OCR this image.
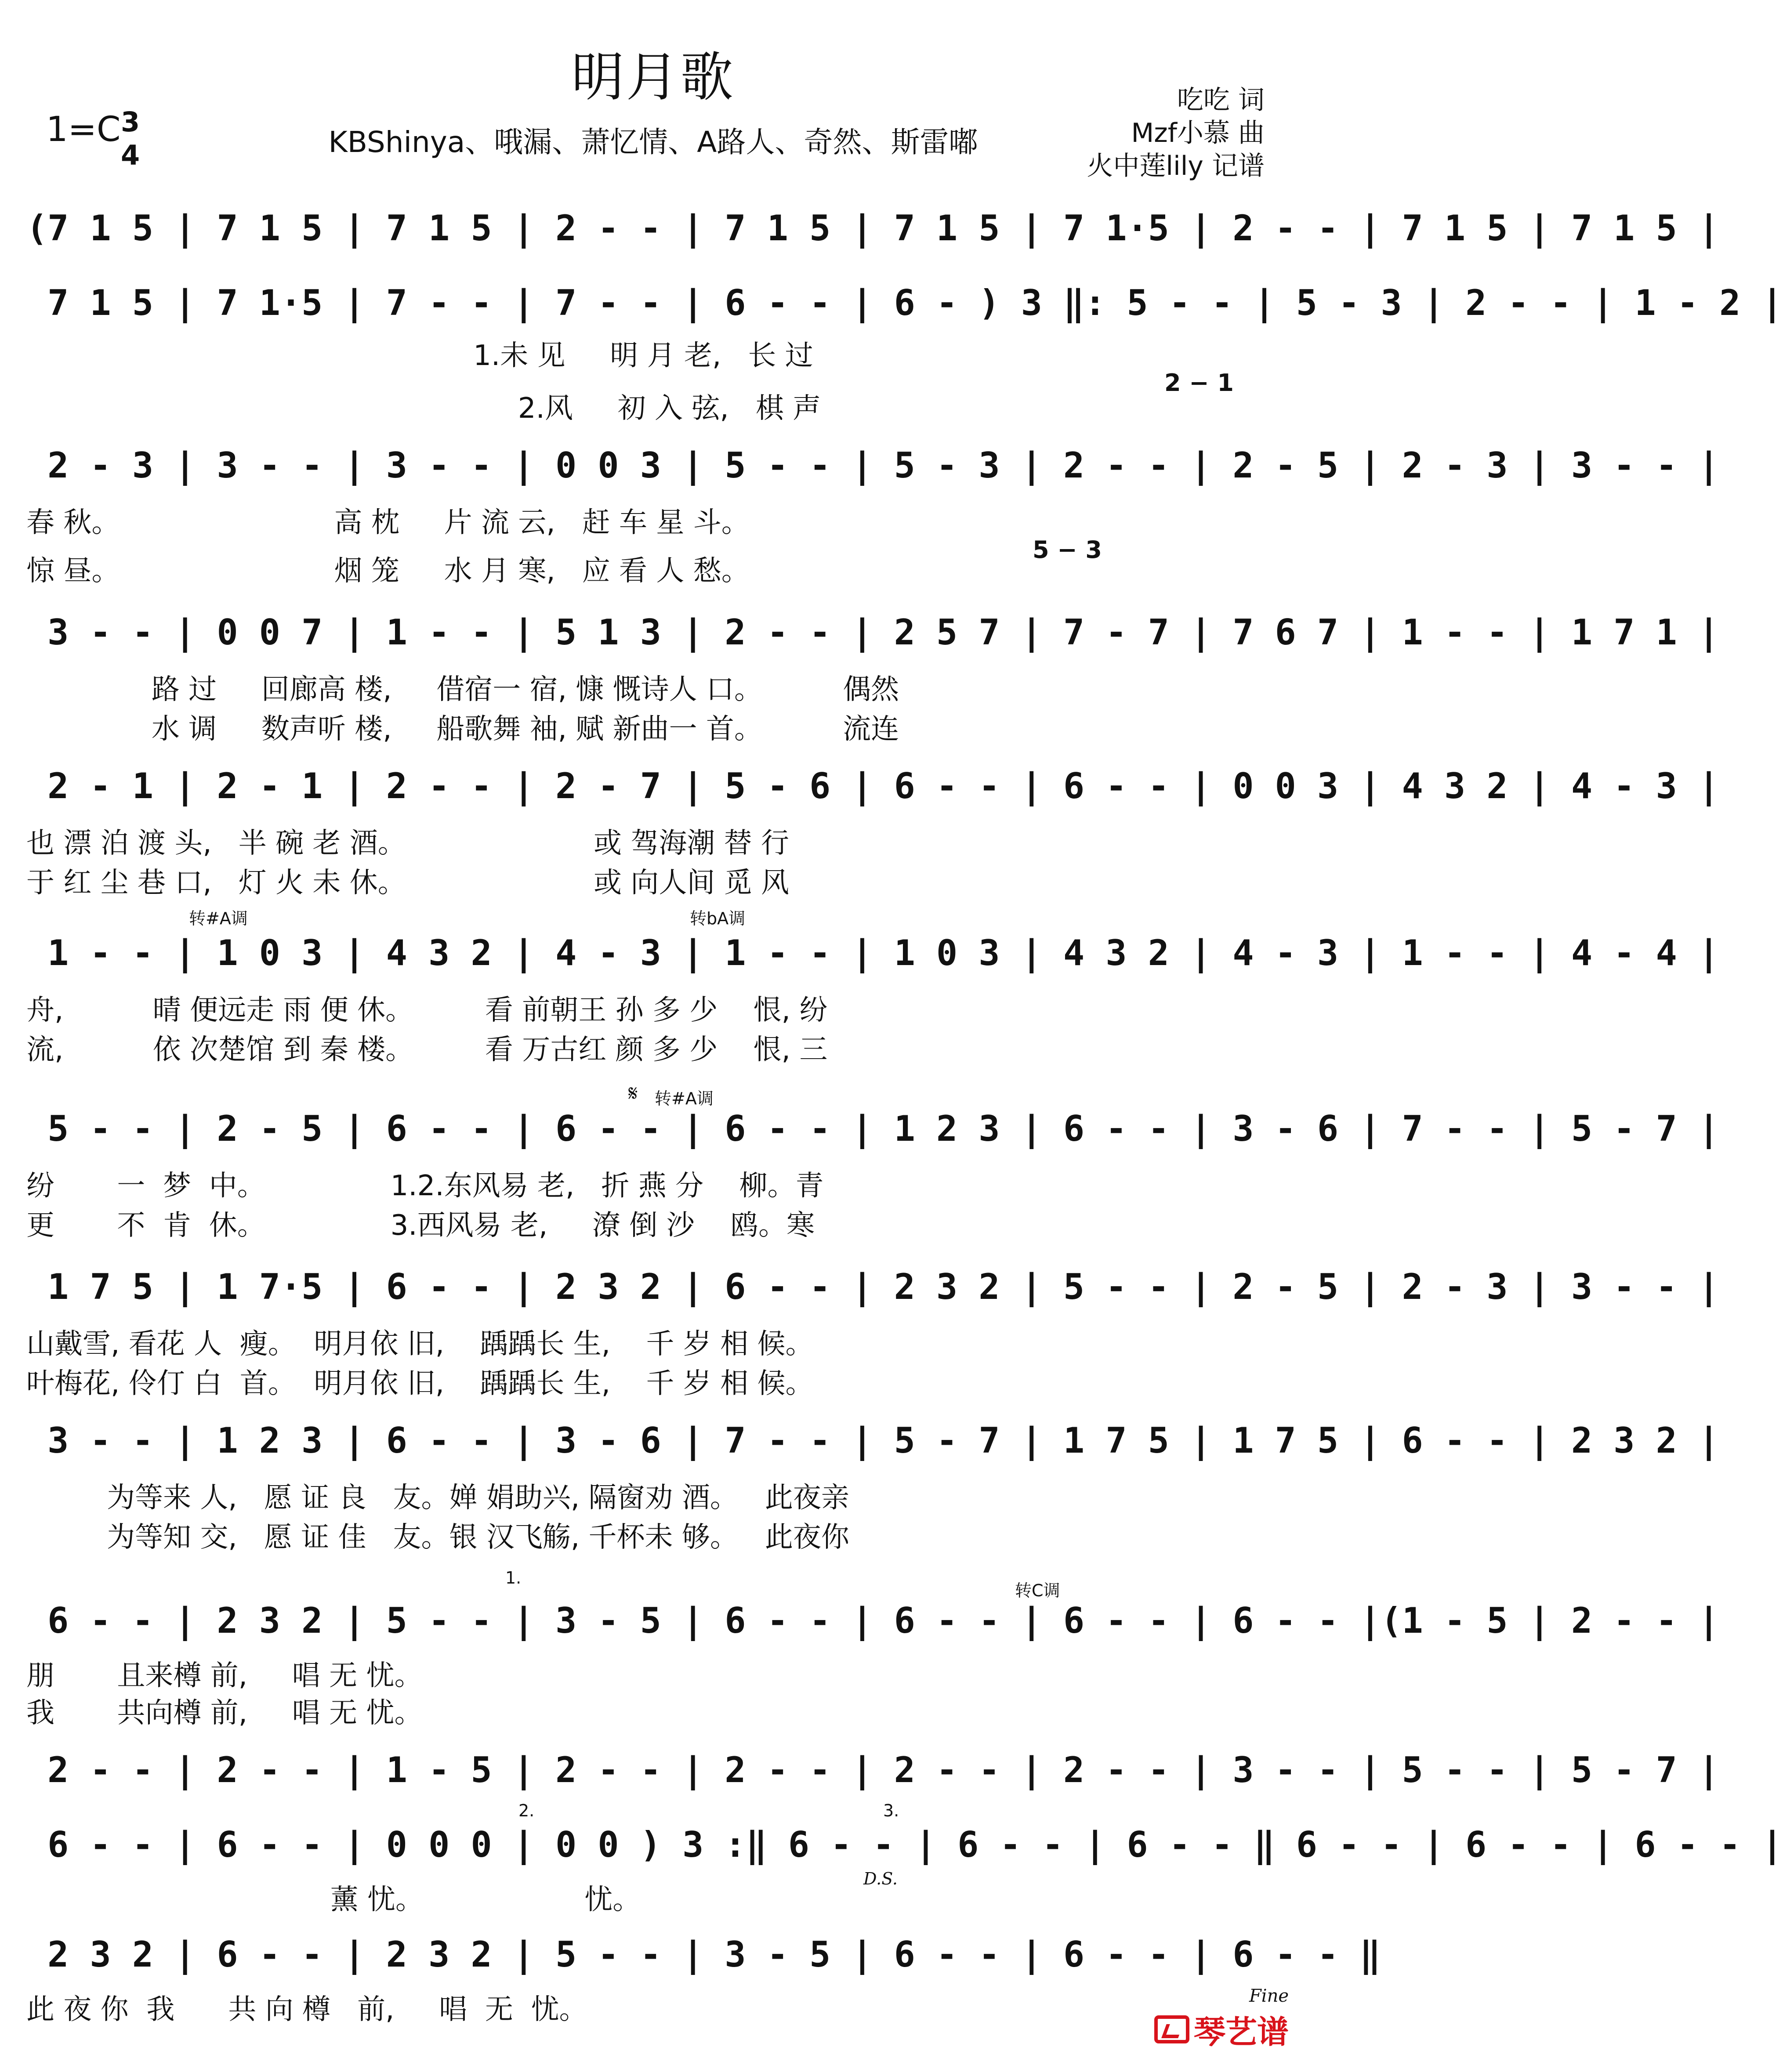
明月歌
1=C 3
4	KBShinya、哦漏、萧忆情、A路人、奇然、斯雷嘟
吃吃 词
Mzf小慕 曲
火中莲lily 记谱
(7 1 5 | 7 1 5 | 7 1 5 | 2 - - | 7 1 5 | 7 1 5 | 7 1·5 | 2 - - | 7 1 5 | 7 1 5 |
7 1 5 | 7 1·5 | 7 - - | 7 - - | 6 - - | 6 - ) 3 ‖: 5 - - | 5 - 3 | 2 - - | 1 - 2 |
1.未 见     明 月 老,   长 过
2.风     初 入 弦,   棋 声
2 − 1
2 - 3 | 3 - - | 3 - - | 0 0 3 | 5 - - | 5 - 3 | 2 - - | 2 - 5 | 2 - 3 | 3 - - |
春 秋。                        高 枕     片 流 云,   赶 车 星 斗。
惊 昼。                        烟 笼     水 月 寒,   应 看 人 愁。
5 − 3
3 - - | 0 0 7 | 1 - - | 5 1 3 | 2 - - | 2 5 7 | 7 - 7 | 7 6 7 | 1 - - | 1 7 1 |
路 过     回廊高 楼,     借宿一 宿, 慷 慨诗人 口。         偶然
水 调     数声听 楼,     船歌舞 袖, 赋 新曲一 首。         流连
2 - 1 | 2 - 1 | 2 - - | 2 - 7 | 5 - 6 | 6 - - | 6 - - | 0 0 3 | 4 3 2 | 4 - 3 |
也 漂 泊 渡 头,   半 碗 老 酒。                     或 驾海潮 替 行
于 红 尘 巷 口,   灯 火 未 休。                     或 向人间 觅 风
转#A调	转bA调
1 - - | 1 0 3 | 4 3 2 | 4 - 3 | 1 - - | 1 0 3 | 4 3 2 | 4 - 3 | 1 - - | 4 - 4 |
舟,          晴 便远走 雨 便 休。        看 前朝王 孙 多 少    恨, 纷
流,          依 次楚馆 到 秦 楼。        看 万古红 颜 多 少    恨, 三
𝄋 转#A调
5 - - | 2 - 5 | 6 - - | 6 - - | 6 - - | 1 2 3 | 6 - - | 3 - 6 | 7 - - | 5 - 7 |
纷       一  梦  中。              1.2.东风易 老,   折 燕 分    柳。青
更       不  肯  休。              3.西风易 老,     潦 倒 沙    鸥。寒
1 7 5 | 1 7·5 | 6 - - | 2 3 2 | 6 - - | 2 3 2 | 5 - - | 2 - 5 | 2 - 3 | 3 - - |
山戴雪, 看花 人  瘦。  明月依 旧,    踽踽长 生,    千 岁 相 候。
叶梅花, 伶仃 白  首。  明月依 旧,    踽踽长 生,    千 岁 相 候。
3 - - | 1 2 3 | 6 - - | 3 - 6 | 7 - - | 5 - 7 | 1 7 5 | 1 7 5 | 6 - - | 2 3 2 |
为等来 人,   愿 证 良   友。婵 娟助兴, 隔窗劝 酒。   此夜亲
为等知 交,   愿 证 佳   友。银 汉飞觞, 千杯未 够。   此夜你
1.
转C调
6 - - | 2 3 2 | 5 - - | 3 - 5 | 6 - - | 6 - - | 6 - - | 6 - - |(1 - 5 | 2 - - |
朋       且来樽 前,     唱 无 忧。
我       共向樽 前,     唱 无 忧。
2 - - | 2 - - | 1 - 5 | 2 - - | 2 - - | 2 - - | 2 - - | 3 - - | 5 - - | 5 - 7 |
2.	3.
6 - - | 6 - - | 0 0 0 | 0 0 ) 3 :‖ 6 - - | 6 - - | 6 - - ‖ 6 - - | 6 - - | 6 - - |
D.S.
薰 忧。                  忧。
2 3 2 | 6 - - | 2 3 2 | 5 - - | 3 - 5 | 6 - - | 6 - - | 6 - - ‖
此 夜 你  我      共 向 樽   前,     唱  无  忧。	Fine
琴艺谱
